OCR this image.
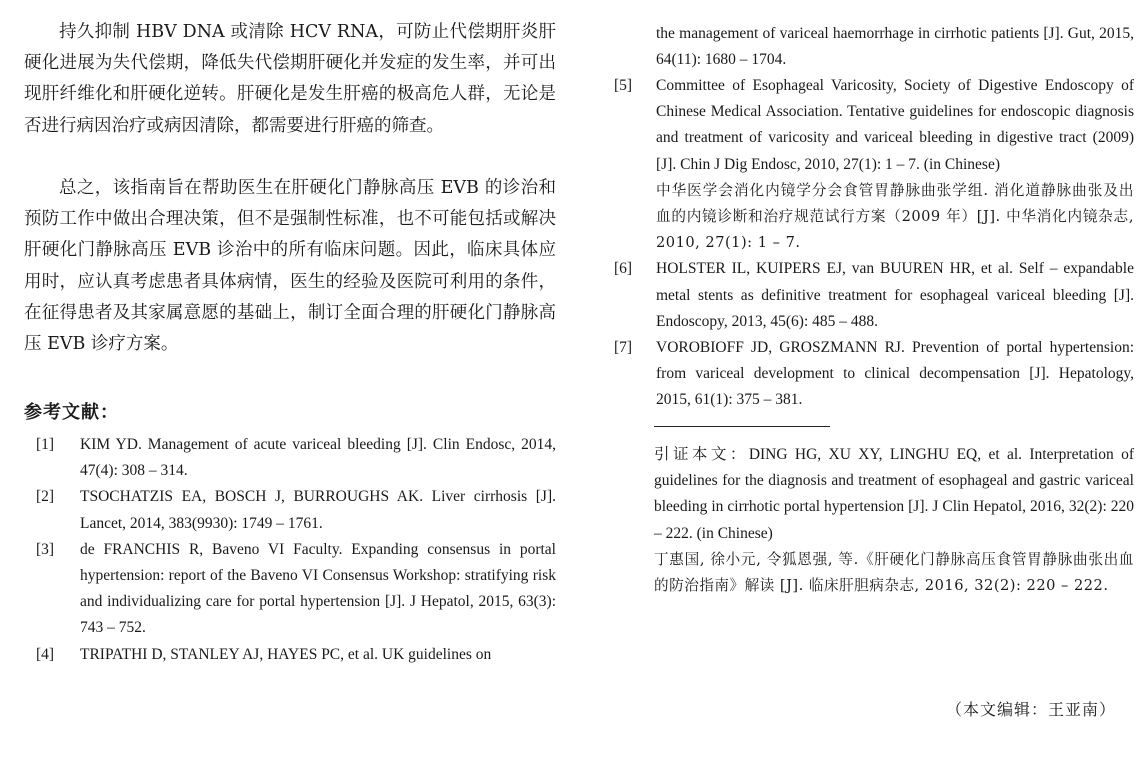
持久抑制 HBV DNA 或清除 HCV RNA，可防止代偿期肝炎肝硬化进展为失代偿期，降低失代偿期肝硬化并发症的发生率，并可出现肝纤维化和肝硬化逆转。肝硬化是发生肝癌的极高危人群，无论是否进行病因治疗或病因清除，都需要进行肝癌的筛查。

总之，该指南旨在帮助医生在肝硬化门静脉高压 EVB 的诊治和预防工作中做出合理决策，但不是强制性标准，也不可能包括或解决肝硬化门静脉高压 EVB 诊治中的所有临床问题。因此，临床具体应用时，应认真考虑患者具体病情，医生的经验及医院可利用的条件，在征得患者及其家属意愿的基础上，制订全面合理的肝硬化门静脉高压 EVB 诊疗方案。

参考文献：
[1]	KIM YD. Management of acute variceal bleeding [J]. Clin Endosc, 2014, 47(4): 308 – 314.
[2]	TSOCHATZIS EA, BOSCH J, BURROUGHS AK. Liver cirrhosis [J]. Lancet, 2014, 383(9930): 1749 – 1761.
[3]	de FRANCHIS R, Baveno VI Faculty. Expanding consensus in portal hypertension: report of the Baveno VI Consensus Workshop: stratifying risk and individualizing care for portal hypertension [J]. J Hepatol, 2015, 63(3): 743 – 752.
[4]	TRIPATHI D, STANLEY AJ, HAYES PC, et al. UK guidelines on

the management of variceal haemorrhage in cirrhotic patients [J]. Gut, 2015, 64(11): 1680 – 1704.

[5]	Committee of Esophageal Varicosity, Society of Digestive Endoscopy of Chinese Medical Association. Tentative guidelines for endoscopic diagnosis and treatment of varicosity and variceal bleeding in digestive tract (2009) [J]. Chin J Dig Endosc, 2010, 27(1): 1 – 7. (in Chinese)
中华医学会消化内镜学分会食管胃静脉曲张学组. 消化道静脉曲张及出血的内镜诊断和治疗规范试行方案（2009 年）[J]. 中华消化内镜杂志, 2010, 27(1): 1 – 7.
[6]	HOLSTER IL, KUIPERS EJ, van BUUREN HR, et al. Self – expandable metal stents as definitive treatment for esophageal variceal bleeding [J]. Endoscopy, 2013, 45(6): 485 – 488.
[7]	VOROBIOFF JD, GROSZMANN RJ. Prevention of portal hypertension: from variceal development to clinical decompensation [J]. Hepatology, 2015, 61(1): 375 – 381.

引证本文：DING HG, XU XY, LINGHU EQ, et al. Interpretation of guidelines for the diagnosis and treatment of esophageal and gastric variceal bleeding in cirrhotic portal hypertension [J]. J Clin Hepatol, 2016, 32(2): 220 – 222. (in Chinese)
丁惠国, 徐小元, 令狐恩强, 等.《肝硬化门静脉高压食管胃静脉曲张出血的防治指南》解读 [J]. 临床肝胆病杂志, 2016, 32(2): 220 – 222.

（本文编辑：王亚南）
